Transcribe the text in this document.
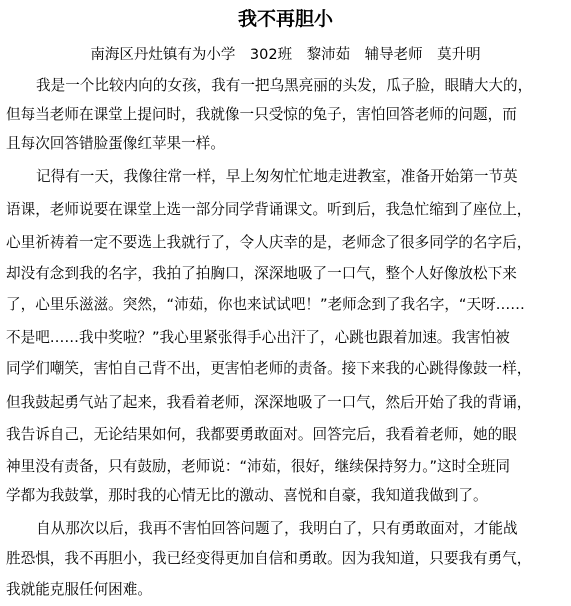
我不再胆小

南海区丹灶镇有为小学　302班　黎沛茹　辅导老师　莫升明

我是一个比较内向的女孩，我有一把乌黑亮丽的头发，瓜子脸，眼睛大大的，

但每当老师在课堂上提问时，我就像一只受惊的兔子，害怕回答老师的问题，而

且每次回答错脸蛋像红苹果一样。

记得有一天，我像往常一样，早上匆匆忙忙地走进教室，准备开始第一节英

语课，老师说要在课堂上选一部分同学背诵课文。听到后，我急忙缩到了座位上，

心里祈祷着一定不要选上我就行了，令人庆幸的是，老师念了很多同学的名字后，

却没有念到我的名字，我拍了拍胸口，深深地吸了一口气，整个人好像放松下来

了，心里乐滋滋。突然，“沛茹，你也来试试吧！”老师念到了我名字，“天呀……

不是吧……我中奖啦？”我心里紧张得手心出汗了，心跳也跟着加速。我害怕被

同学们嘲笑，害怕自己背不出，更害怕老师的责备。接下来我的心跳得像鼓一样，

但我鼓起勇气站了起来，我看着老师，深深地吸了一口气，然后开始了我的背诵，

我告诉自己，无论结果如何，我都要勇敢面对。回答完后，我看着老师，她的眼

神里没有责备，只有鼓励，老师说：“沛茹，很好，继续保持努力。”这时全班同

学都为我鼓掌，那时我的心情无比的激动、喜悦和自豪，我知道我做到了。

自从那次以后，我再不害怕回答问题了，我明白了，只有勇敢面对，才能战

胜恐惧，我不再胆小，我已经变得更加自信和勇敢。因为我知道，只要我有勇气，

我就能克服任何困难。
